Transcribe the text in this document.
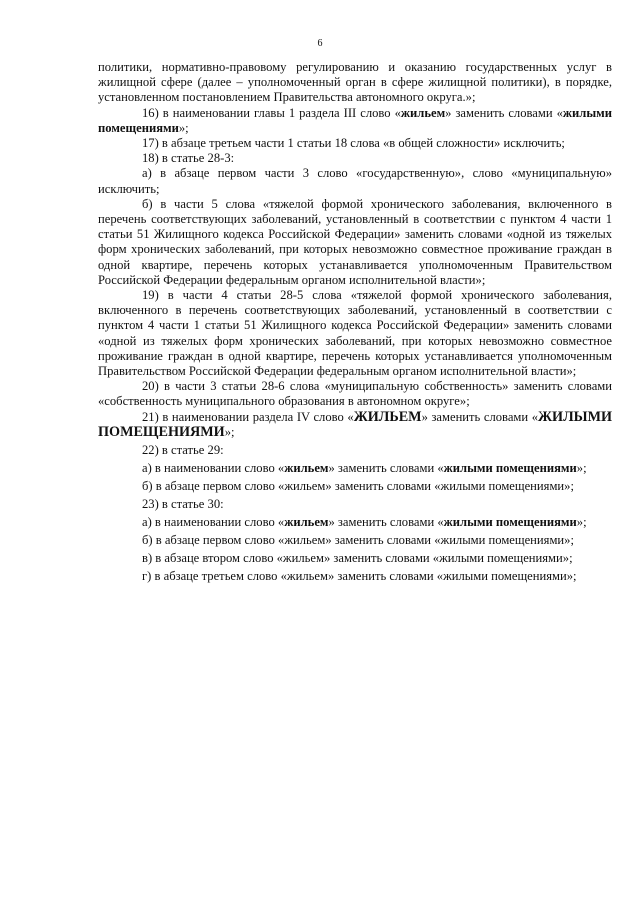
6

политики, нормативно-правовому регулированию и оказанию государственных услуг в жилищной сфере (далее – уполномоченный орган в сфере жилищной политики), в порядке, установленном постановлением Правительства автономного округа.»;

16) в наименовании главы 1 раздела III слово «жильем» заменить словами «жилыми помещениями»;

17) в абзаце третьем части 1 статьи 18 слова «в общей сложности» исключить;

18) в статье 28-3:

а) в абзаце первом части 3 слово «государственную», слово «муниципальную» исключить;

б) в части 5 слова «тяжелой формой хронического заболевания, включенного в перечень соответствующих заболеваний, установленный в соответствии с пунктом 4 части 1 статьи 51 Жилищного кодекса Российской Федерации» заменить словами «одной из тяжелых форм хронических заболеваний, при которых невозможно совместное проживание граждан в одной квартире, перечень которых устанавливается уполномоченным Правительством Российской Федерации федеральным органом исполнительной власти»;

19) в части 4 статьи 28-5 слова «тяжелой формой хронического заболевания, включенного в перечень соответствующих заболеваний, установленный в соответствии с пунктом 4 части 1 статьи 51 Жилищного кодекса Российской Федерации» заменить словами «одной из тяжелых форм хронических заболеваний, при которых невозможно совместное проживание граждан в одной квартире, перечень которых устанавливается уполномоченным Правительством Российской Федерации федеральным органом исполнительной власти»;

20) в части 3 статьи 28-6 слова «муниципальную собственность» заменить словами «собственность муниципального образования в автономном округе»;

21) в наименовании раздела IV слово «ЖИЛЬЕМ» заменить словами «ЖИЛЫМИ ПОМЕЩЕНИЯМИ»;

22) в статье 29:

а) в наименовании слово «жильем» заменить словами «жилыми помещениями»;

б) в абзаце первом слово «жильем» заменить словами «жилыми помещениями»;

23) в статье 30:

а) в наименовании слово «жильем» заменить словами «жилыми помещениями»;

б) в абзаце первом слово «жильем» заменить словами «жилыми помещениями»;

в) в абзаце втором слово «жильем» заменить словами «жилыми помещениями»;

г) в абзаце третьем слово «жильем» заменить словами «жилыми помещениями»;
